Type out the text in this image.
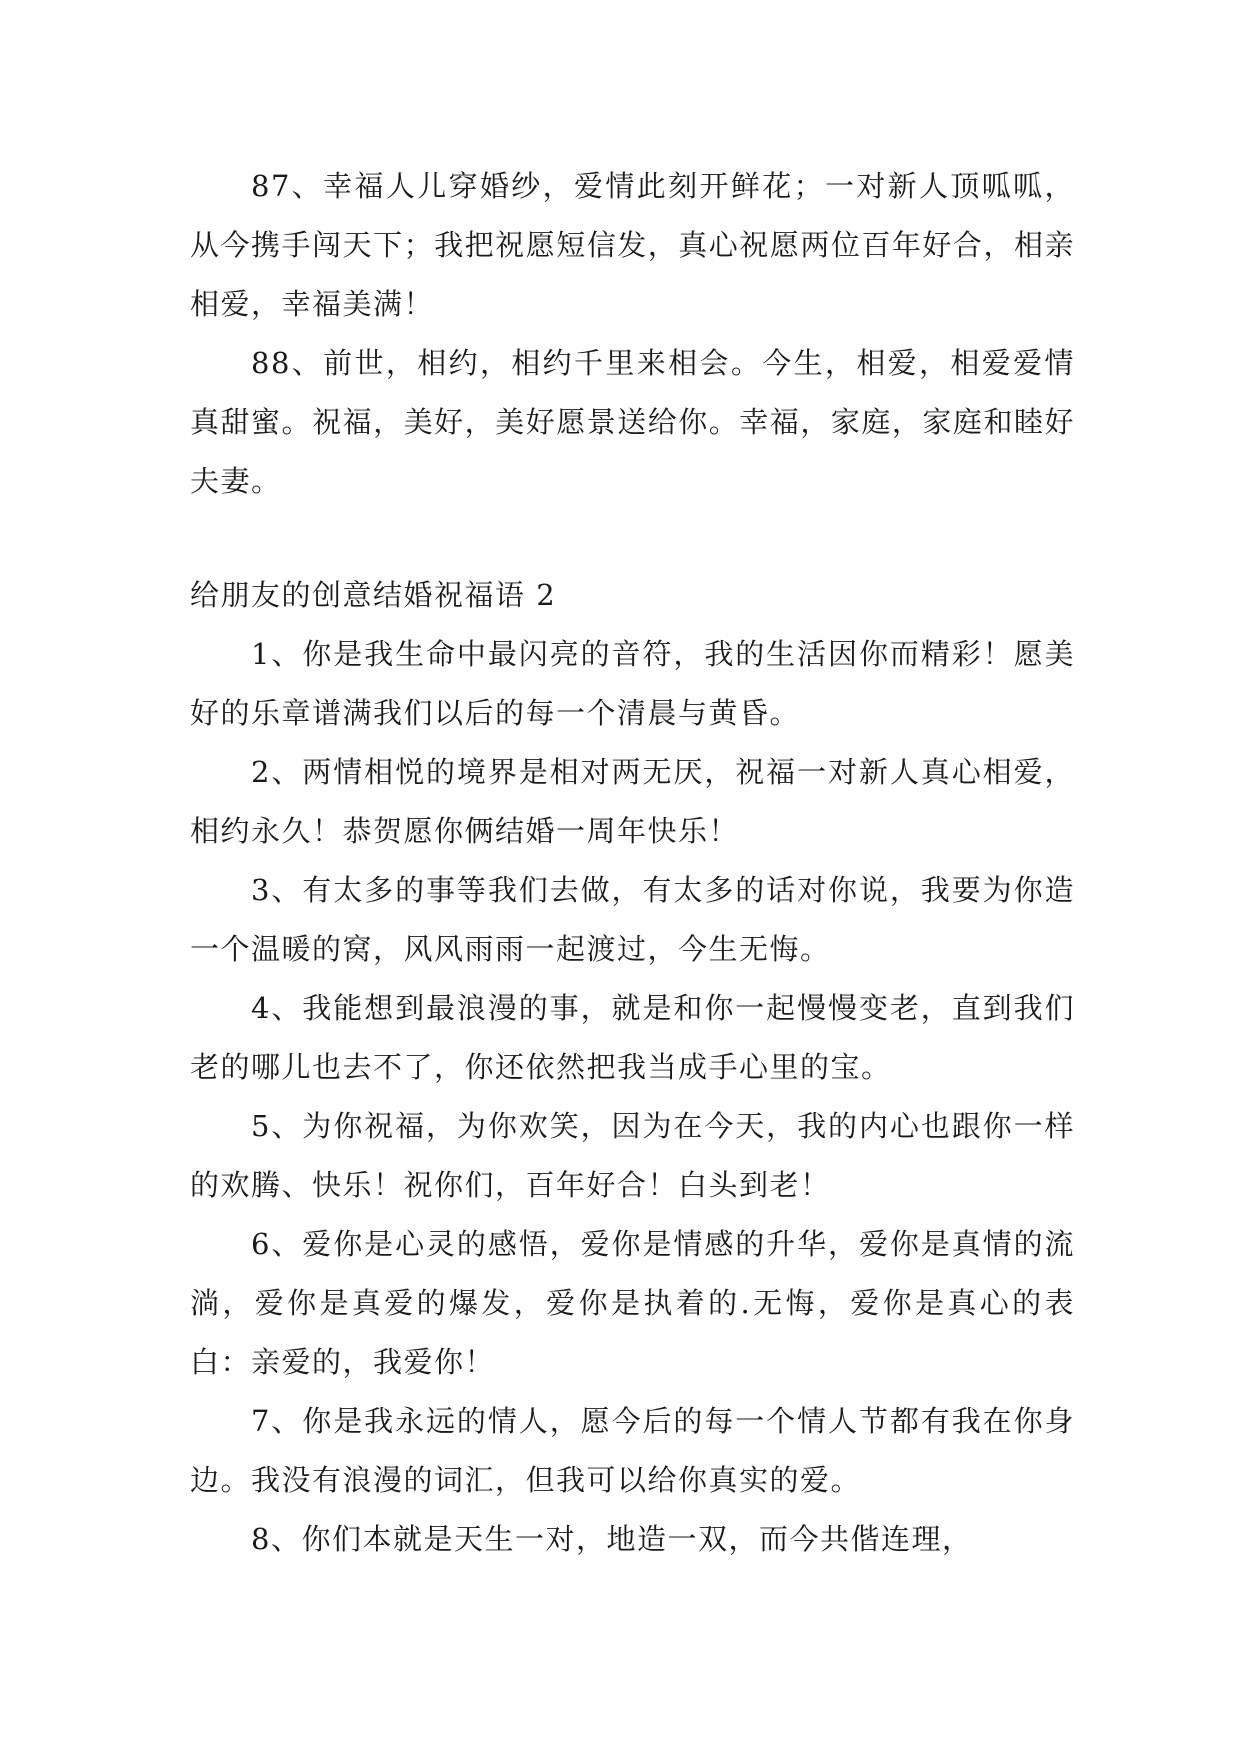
87、幸福人儿穿婚纱，爱情此刻开鲜花；一对新人顶呱呱，从今携手闯天下；我把祝愿短信发，真心祝愿两位百年好合，相亲相爱，幸福美满！

88、前世，相约，相约千里来相会。今生，相爱，相爱爱情真甜蜜。祝福，美好，美好愿景送给你。幸福，家庭，家庭和睦好夫妻。

给朋友的创意结婚祝福语 2

1、你是我生命中最闪亮的音符，我的生活因你而精彩！愿美好的乐章谱满我们以后的每一个清晨与黄昏。

2、两情相悦的境界是相对两无厌，祝福一对新人真心相爱，相约永久！恭贺愿你俩结婚一周年快乐！

3、有太多的事等我们去做，有太多的话对你说，我要为你造一个温暖的窝，风风雨雨一起渡过，今生无悔。

4、我能想到最浪漫的事，就是和你一起慢慢变老，直到我们老的哪儿也去不了，你还依然把我当成手心里的宝。

5、为你祝福，为你欢笑，因为在今天，我的内心也跟你一样的欢腾、快乐！祝你们，百年好合！白头到老！

6、爱你是心灵的感悟，爱你是情感的升华，爱你是真情的流淌，爱你是真爱的爆发，爱你是执着的.无悔，爱你是真心的表白：亲爱的，我爱你！

7、你是我永远的情人，愿今后的每一个情人节都有我在你身边。我没有浪漫的词汇，但我可以给你真实的爱。

8、你们本就是天生一对，地造一双，而今共偕连理，
